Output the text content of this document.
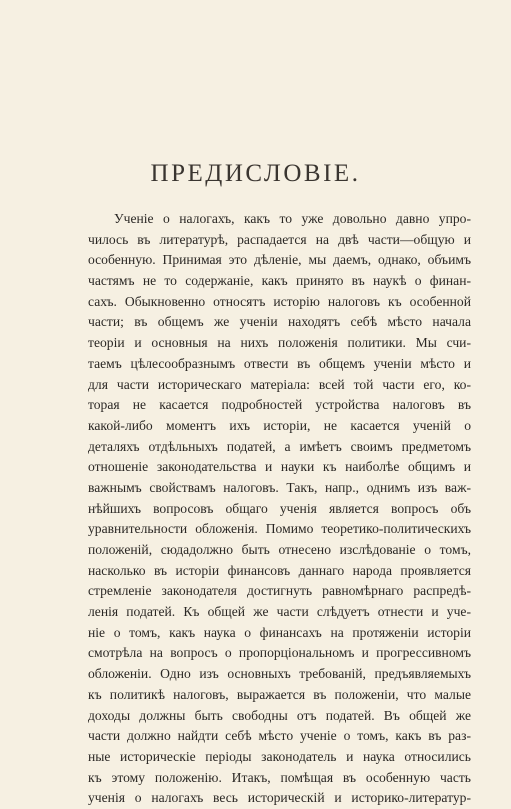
ПРЕДИСЛОВІЕ.
Ученіе о налогахъ, какъ то уже довольно давно упро-
чилось въ литературѣ, распадается на двѣ части—общую и
особенную. Принимая это дѣленіе, мы даемъ, однако, объимъ
частямъ не то содержаніе, какъ принято въ наукѣ о финан-
сахъ. Обыкновенно относятъ исторію налоговъ къ особенной
части; въ общемъ же ученіи находятъ себѣ мѣсто начала
теоріи и основныя на нихъ положенія политики. Мы счи-
таемъ цѣлесообразнымъ отвести въ общемъ ученіи мѣсто и
для части историческаго матеріала: всей той части его, ко-
торая не касается подробностей устройства налоговъ въ
какой-либо моментъ ихъ исторіи, не касается ученій о
деталяхъ отдѣльныхъ податей, а имѣетъ своимъ предметомъ
отношеніе законодательства и науки къ наиболѣе общимъ и
важнымъ свойствамъ налоговъ. Такъ, напр., однимъ изъ важ-
нѣйшихъ вопросовъ общаго ученія является вопросъ объ
уравнительности обложенія. Помимо теоретико-политическихъ
положеній, сюдадолжно быть отнесено изслѣдованіе о томъ,
насколько въ исторіи финансовъ даннаго народа проявляется
стремленіе законодателя достигнуть равномѣрнаго распредѣ-
ленія податей. Къ общей же части слѣдуетъ отнести и уче-
ніе о томъ, какъ наука о финансахъ на протяженіи исторіи
смотрѣла на вопросъ о пропорціональномъ и прогрессивномъ
обложеніи. Одно изъ основныхъ требованій, предъявляемыхъ
къ политикѣ налоговъ, выражается въ положеніи, что малые
доходы должны быть свободны отъ податей. Въ общей же
части должно найдти себѣ мѣсто ученіе о томъ, какъ въ раз-
ные историческіе періоды законодатель и наука относились
къ этому положенію. Итакъ, помѣщая въ особенную часть
ученія о налогахъ весь историческій и историко-литератур-
